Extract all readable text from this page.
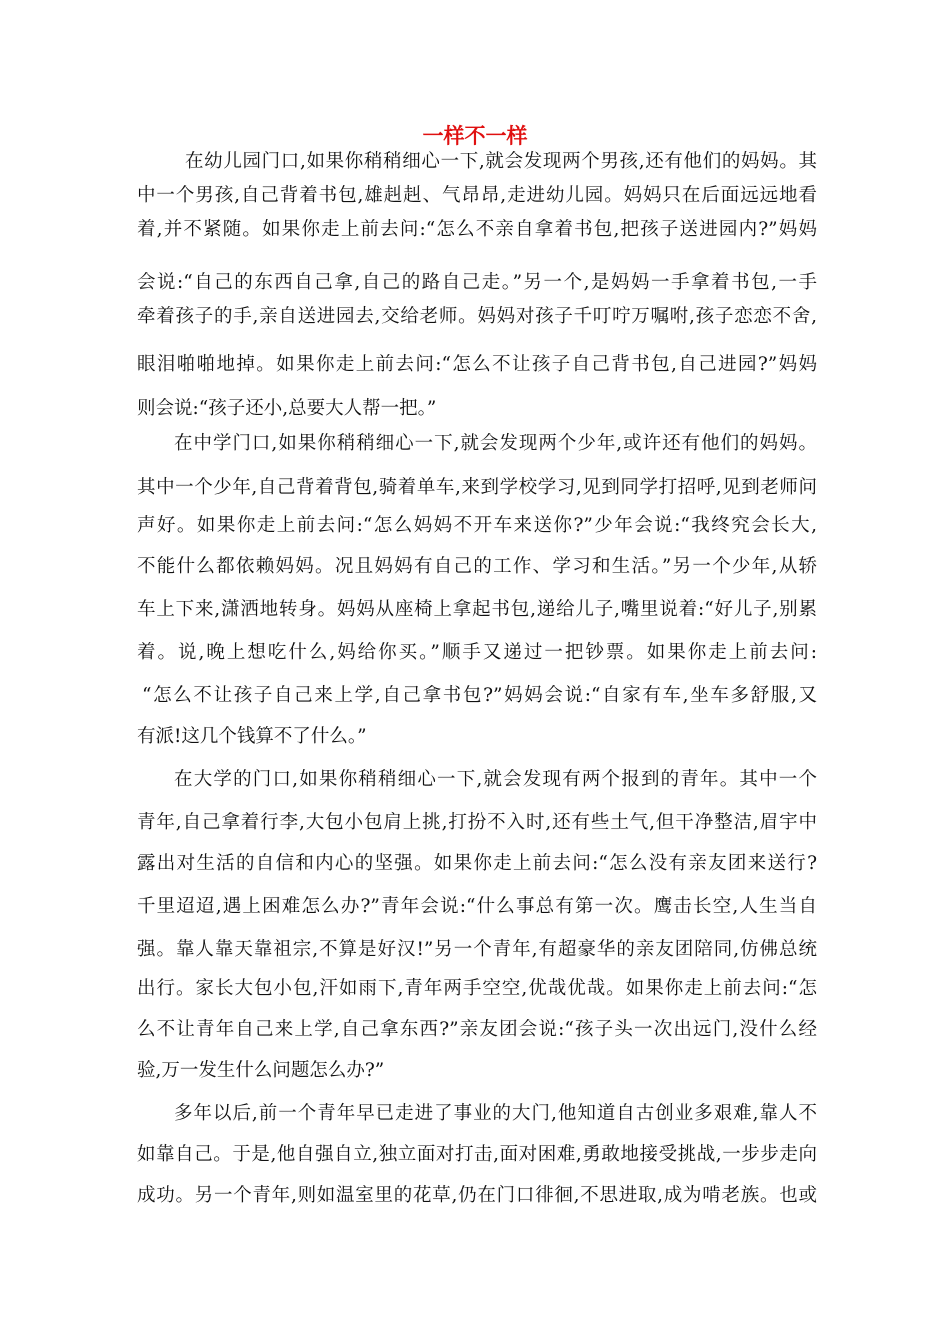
一样不一样
在幼儿园门口,如果你稍稍细心一下,就会发现两个男孩,还有他们的妈妈。其
中一个男孩,自己背着书包,雄赳赳、气昂昂,走进幼儿园。妈妈只在后面远远地看
着,并不紧随。如果你走上前去问:“怎么不亲自拿着书包,把孩子送进园内?”妈妈
会说:“自己的东西自己拿,自己的路自己走。”另一个,是妈妈一手拿着书包,一手
牵着孩子的手,亲自送进园去,交给老师。妈妈对孩子千叮咛万嘱咐,孩子恋恋不舍,
眼泪啪啪地掉。如果你走上前去问:“怎么不让孩子自己背书包,自己进园?”妈妈
则会说:“孩子还小,总要大人帮一把。”
在中学门口,如果你稍稍细心一下,就会发现两个少年,或许还有他们的妈妈。
其中一个少年,自己背着背包,骑着单车,来到学校学习,见到同学打招呼,见到老师问
声好。如果你走上前去问:“怎么妈妈不开车来送你?”少年会说:“我终究会长大,
不能什么都依赖妈妈。况且妈妈有自己的工作、学习和生活。”另一个少年,从轿
车上下来,潇洒地转身。妈妈从座椅上拿起书包,递给儿子,嘴里说着:“好儿子,别累
着。说,晚上想吃什么,妈给你买。”顺手又递过一把钞票。如果你走上前去问:
“怎么不让孩子自己来上学,自己拿书包?”妈妈会说:“自家有车,坐车多舒服,又
有派!这几个钱算不了什么。”
在大学的门口,如果你稍稍细心一下,就会发现有两个报到的青年。其中一个
青年,自己拿着行李,大包小包肩上挑,打扮不入时,还有些土气,但干净整洁,眉宇中
露出对生活的自信和内心的坚强。如果你走上前去问:“怎么没有亲友团来送行?
千里迢迢,遇上困难怎么办?”青年会说:“什么事总有第一次。鹰击长空,人生当自
强。靠人靠天靠祖宗,不算是好汉!”另一个青年,有超豪华的亲友团陪同,仿佛总统
出行。家长大包小包,汗如雨下,青年两手空空,优哉优哉。如果你走上前去问:“怎
么不让青年自己来上学,自己拿东西?”亲友团会说:“孩子头一次出远门,没什么经
验,万一发生什么问题怎么办?”
多年以后,前一个青年早已走进了事业的大门,他知道自古创业多艰难,靠人不
如靠自己。于是,他自强自立,独立面对打击,面对困难,勇敢地接受挑战,一步步走向
成功。另一个青年,则如温室里的花草,仍在门口徘徊,不思进取,成为啃老族。也或
